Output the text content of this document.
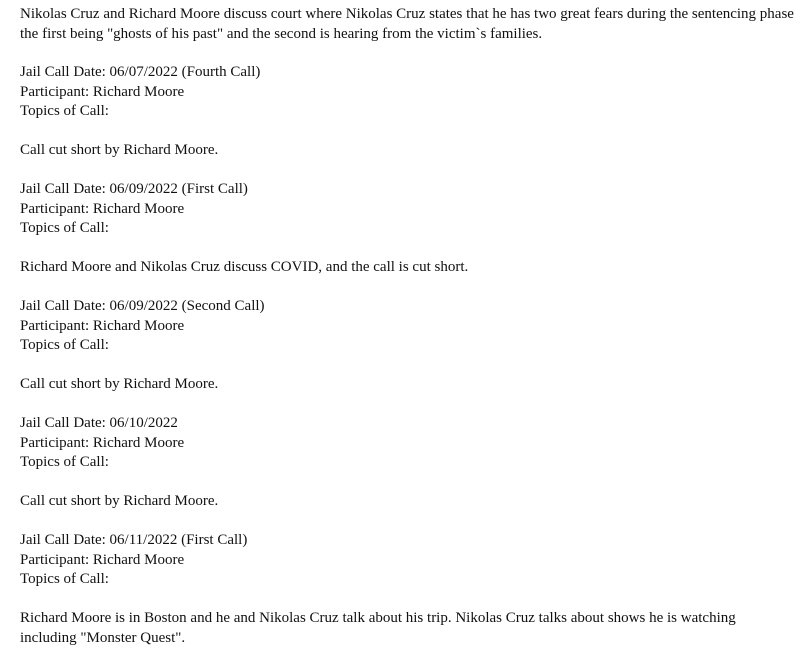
Nikolas Cruz and Richard Moore discuss court where Nikolas Cruz states that he has two great fears during the sentencing phase the first being "ghosts of his past" and the second is hearing from the victim`s families.

Jail Call Date: 06/07/2022 (Fourth Call)
Participant: Richard Moore
Topics of Call:

Call cut short by Richard Moore.

Jail Call Date: 06/09/2022 (First Call)
Participant: Richard Moore
Topics of Call:

Richard Moore and Nikolas Cruz discuss COVID, and the call is cut short.

Jail Call Date: 06/09/2022 (Second Call)
Participant: Richard Moore
Topics of Call:

Call cut short by Richard Moore.

Jail Call Date: 06/10/2022
Participant: Richard Moore
Topics of Call:

Call cut short by Richard Moore.

Jail Call Date: 06/11/2022 (First Call)
Participant: Richard Moore
Topics of Call:

Richard Moore is in Boston and he and Nikolas Cruz talk about his trip. Nikolas Cruz talks about shows he is watching including "Monster Quest".
